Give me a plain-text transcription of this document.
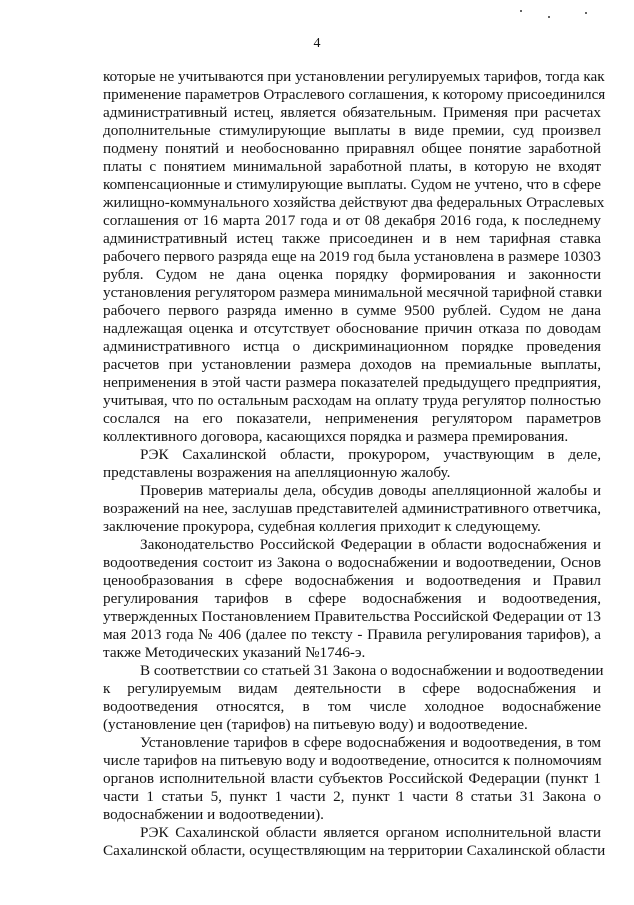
4
которые не учитываются при установлении регулируемых тарифов, тогда как
применение параметров Отраслевого соглашения, к которому присоединился
административный истец, является обязательным. Применяя при расчетах
дополнительные стимулирующие выплаты в виде премии, суд произвел
подмену понятий и необоснованно приравнял общее понятие заработной
платы с понятием минимальной заработной платы, в которую не входят
компенсационные и стимулирующие выплаты. Судом не учтено, что в сфере
жилищно-коммунального хозяйства действуют два федеральных Отраслевых
соглашения от 16 марта 2017 года и от 08 декабря 2016 года, к последнему
административный истец также присоединен и в нем тарифная ставка
рабочего первого разряда еще на 2019 год была установлена в размере 10303
рубля. Судом не дана оценка порядку формирования и законности
установления регулятором размера минимальной месячной тарифной ставки
рабочего первого разряда именно в сумме 9500 рублей. Судом не дана
надлежащая оценка и отсутствует обоснование причин отказа по доводам
административного истца о дискриминационном порядке проведения
расчетов при установлении размера доходов на премиальные выплаты,
неприменения в этой части размера показателей предыдущего предприятия,
учитывая, что по остальным расходам на оплату труда регулятор полностью
сослался на его показатели, неприменения регулятором параметров
коллективного договора, касающихся порядка и размера премирования.
РЭК Сахалинской области, прокурором, участвующим в деле,
представлены возражения на апелляционную жалобу.
Проверив материалы дела, обсудив доводы апелляционной жалобы и
возражений на нее, заслушав представителей административного ответчика,
заключение прокурора, судебная коллегия приходит к следующему.
Законодательство Российской Федерации в области водоснабжения и
водоотведения состоит из Закона о водоснабжении и водоотведении, Основ
ценообразования в сфере водоснабжения и водоотведения и Правил
регулирования тарифов в сфере водоснабжения и водоотведения,
утвержденных Постановлением Правительства Российской Федерации от 13
мая 2013 года № 406 (далее по тексту - Правила регулирования тарифов), а
также Методических указаний №1746-э.
В соответствии со статьей 31 Закона о водоснабжении и водоотведении
к регулируемым видам деятельности в сфере водоснабжения и
водоотведения относятся, в том числе холодное водоснабжение
(установление цен (тарифов) на питьевую воду) и водоотведение.
Установление тарифов в сфере водоснабжения и водоотведения, в том
числе тарифов на питьевую воду и водоотведение, относится к полномочиям
органов исполнительной власти субъектов Российской Федерации (пункт 1
части 1 статьи 5, пункт 1 части 2, пункт 1 части 8 статьи 31 Закона о
водоснабжении и водоотведении).
РЭК Сахалинской области является органом исполнительной власти
Сахалинской области, осуществляющим на территории Сахалинской области
